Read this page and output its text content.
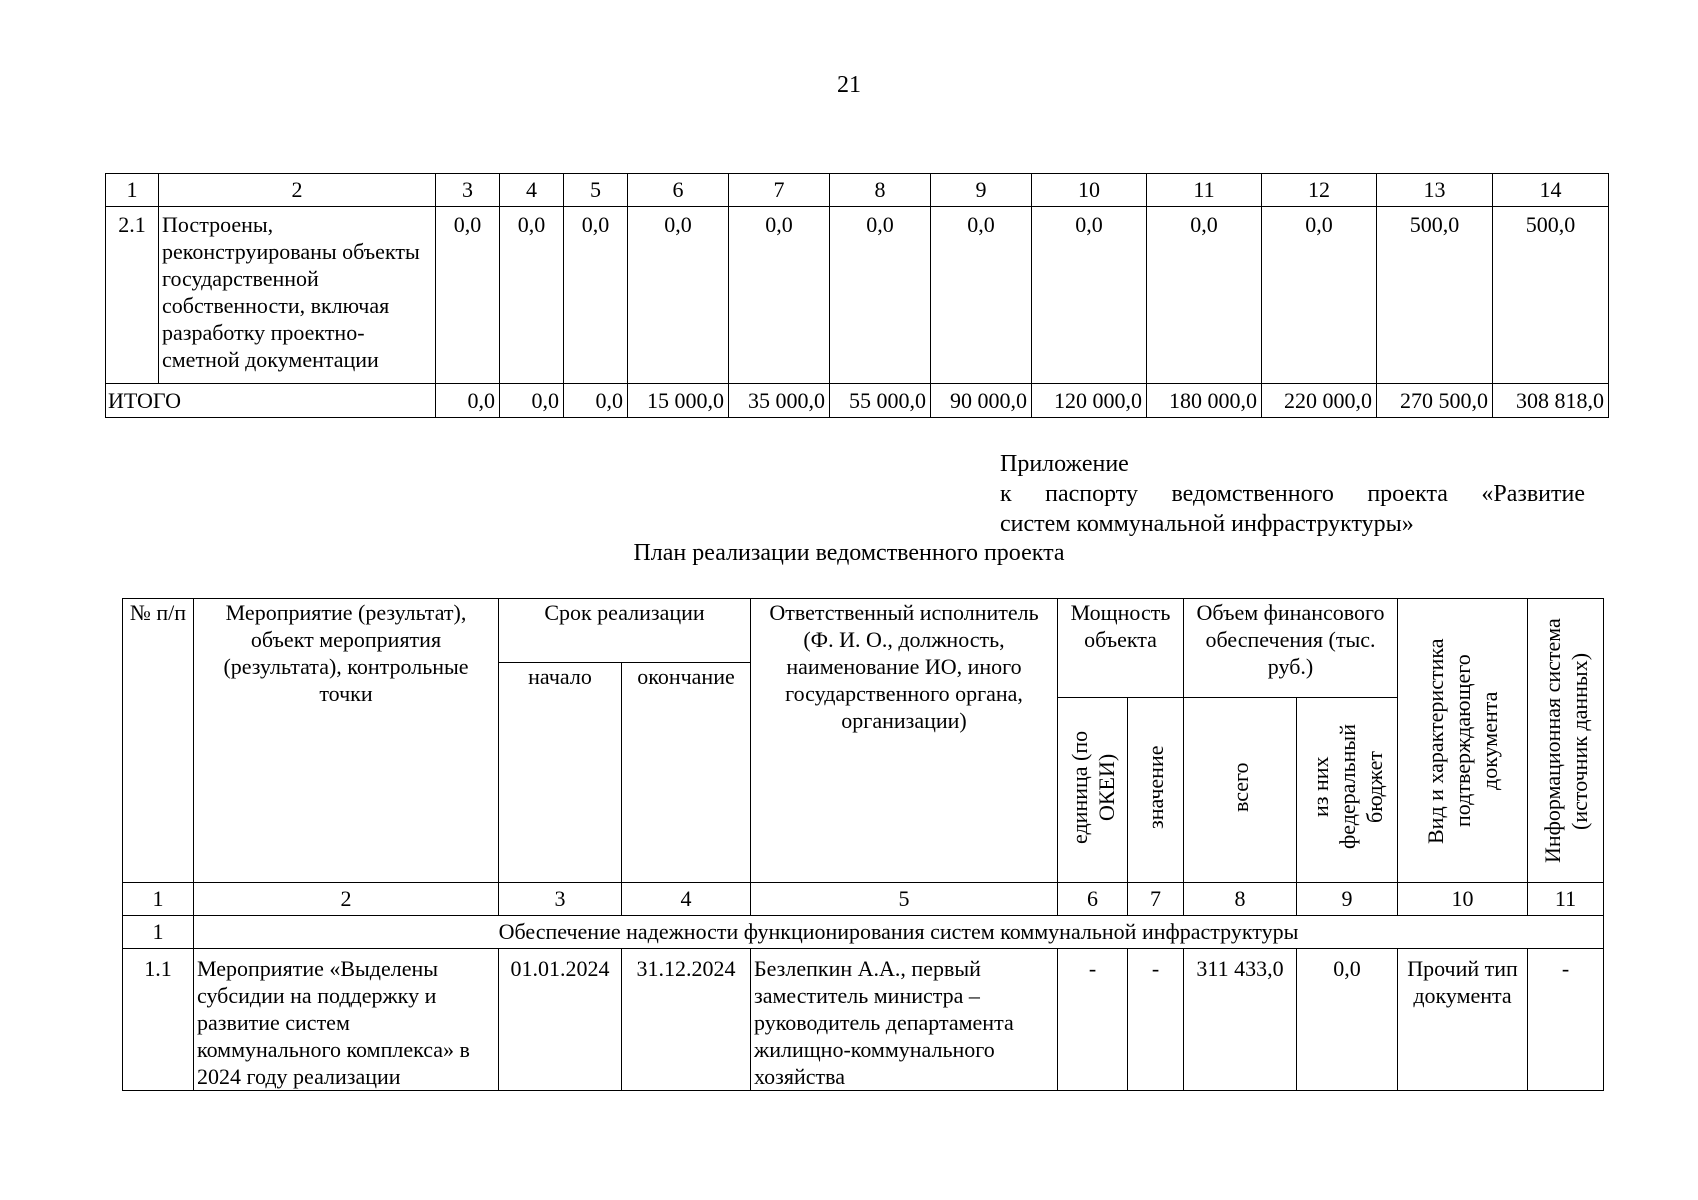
21
1	2	3	4	5	6	7	8	9	10	11	12	13	14
2.1	Построены, реконструированы объекты государственной собственности, включая разработку проектно-сметной документации	0,0	0,0	0,0	0,0	0,0	0,0	0,0	0,0	0,0	0,0	500,0	500,0
ИТОГО		0,0	0,0	0,0	15 000,0	35 000,0	55 000,0	90 000,0	120 000,0	180 000,0	220 000,0	270 500,0	308 818,0
Приложение
к паспорту ведомственного проекта «Развитие
систем коммунальной инфраструктуры»
План реализации ведомственного проекта
№ п/п	Мероприятие (результат), объект мероприятия (результата), контрольные точки	Срок реализации		Ответственный исполнитель (Ф. И. О., должность, наименование ИО, иного государственного органа, организации)	Мощность объекта		Объем финансового обеспечения (тыс. руб.)		Вид и характеристика подтверждающего документа	Информационная система (источник данных)
		начало	окончание							
					единица (по ОКЕИ)	значение	всего	из них федеральный бюджет		
1	2	3	4	5	6	7	8	9	10	11
1	Обеспечение надежности функционирования систем коммунальной инфраструктуры									
1.1	Мероприятие «Выделены субсидии на поддержку и развитие систем коммунального комплекса» в 2024 году реализации	01.01.2024	31.12.2024	Безлепкин А.А., первый заместитель министра – руководитель департамента жилищно-коммунального хозяйства	-	-	311 433,0	0,0	Прочий тип документа	-
